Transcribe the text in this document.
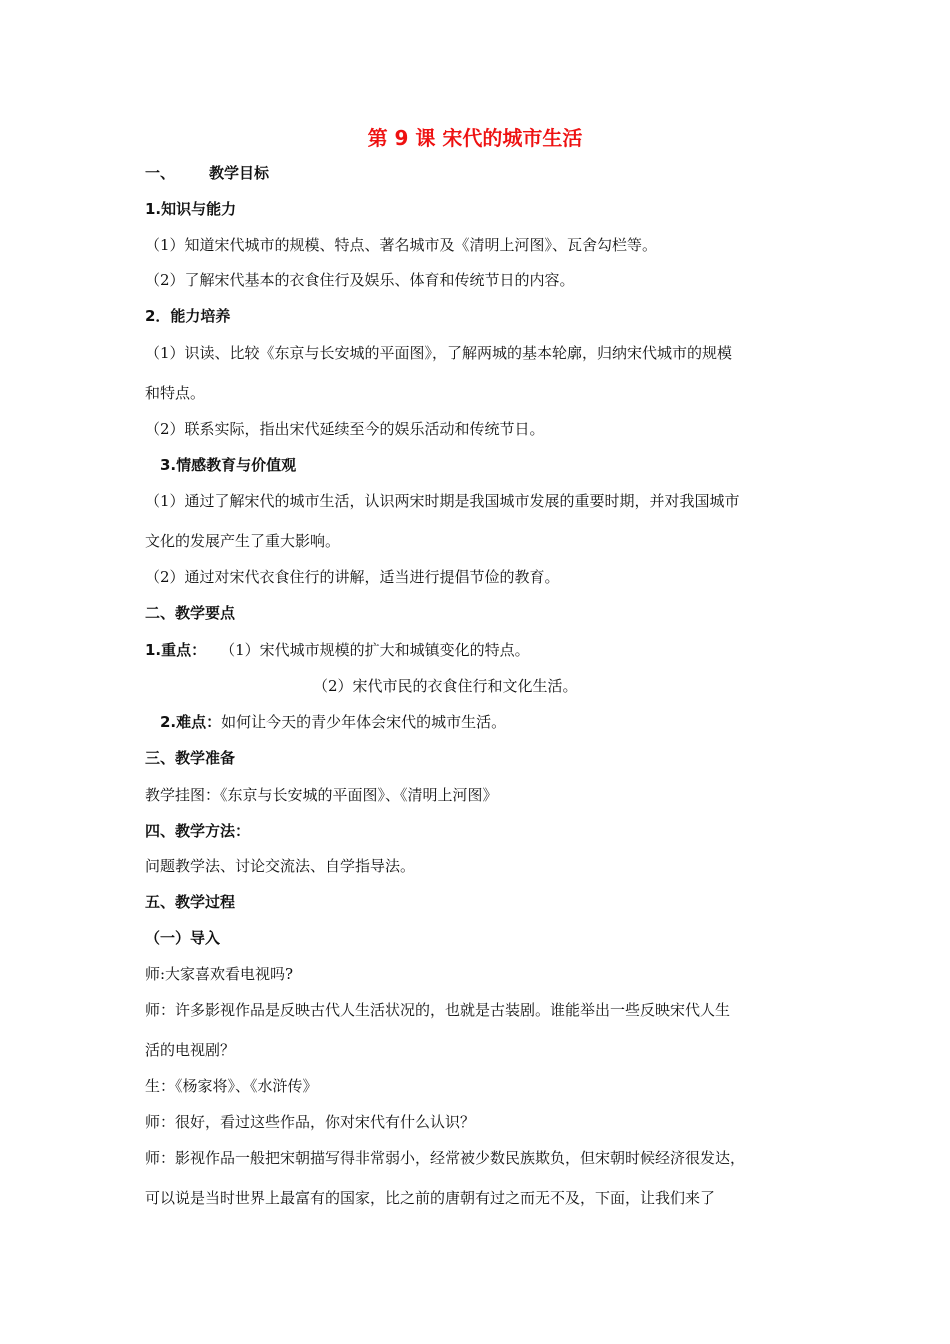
第 9 课 宋代的城市生活
一、 教学目标
1.知识与能力
（1）知道宋代城市的规模、特点、著名城市及《清明上河图》、瓦舍勾栏等。
（2）了解宋代基本的衣食住行及娱乐、体育和传统节日的内容。
2．能力培养
（1）识读、比较《东京与长安城的平面图》，了解两城的基本轮廓，归纳宋代城市的规模
和特点。
（2）联系实际，指出宋代延续至今的娱乐活动和传统节日。
3.情感教育与价值观
（1）通过了解宋代的城市生活，认识两宋时期是我国城市发展的重要时期，并对我国城市
文化的发展产生了重大影响。
（2）通过对宋代衣食住行的讲解，适当进行提倡节俭的教育。
二、教学要点
1.重点： （1）宋代城市规模的扩大和城镇变化的特点。
（2）宋代市民的衣食住行和文化生活。
2.难点：如何让今天的青少年体会宋代的城市生活。
三、教学准备
教学挂图：《东京与长安城的平面图》、《清明上河图》
四、教学方法：
问题教学法、讨论交流法、自学指导法。
五、教学过程
（一）导入
师:大家喜欢看电视吗?
师：许多影视作品是反映古代人生活状况的，也就是古装剧。谁能举出一些反映宋代人生
活的电视剧？
生：《杨家将》、《水浒传》
师：很好，看过这些作品，你对宋代有什么认识？
师：影视作品一般把宋朝描写得非常弱小，经常被少数民族欺负，但宋朝时候经济很发达，
可以说是当时世界上最富有的国家，比之前的唐朝有过之而无不及，下面，让我们来了
